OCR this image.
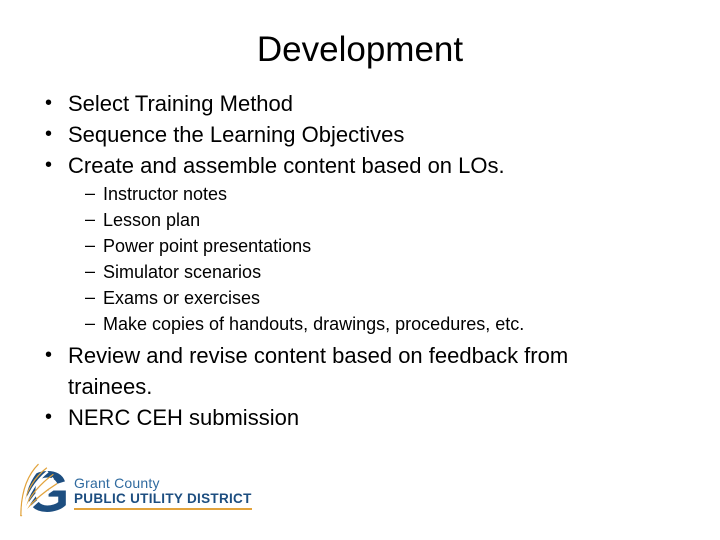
Development
• Select Training Method
• Sequence the Learning Objectives
• Create and assemble content based on LOs.
– Instructor notes
– Lesson plan
– Power point presentations
– Simulator scenarios
– Exams or exercises
– Make copies of handouts, drawings, procedures, etc.
• Review and revise content based on feedback from trainees.
• NERC CEH submission
G Grant County
PUBLIC UTILITY DISTRICT
